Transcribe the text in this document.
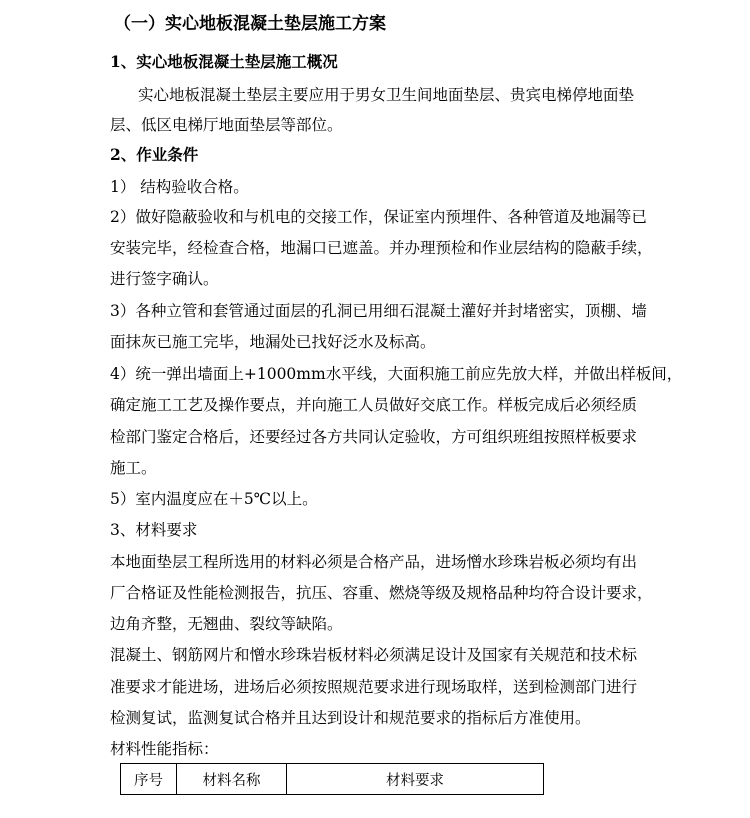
（一）实心地板混凝土垫层施工方案
1、实心地板混凝土垫层施工概况
实心地板混凝土垫层主要应用于男女卫生间地面垫层、贵宾电梯停地面垫
层、低区电梯厅地面垫层等部位。
2、作业条件
1） 结构验收合格。
2）做好隐蔽验收和与机电的交接工作，保证室内预埋件、各种管道及地漏等已
安装完毕，经检查合格，地漏口已遮盖。并办理预检和作业层结构的隐蔽手续，
进行签字确认。
3）各种立管和套管通过面层的孔洞已用细石混凝土灌好并封堵密实，顶棚、墙
面抹灰已施工完毕，地漏处已找好泛水及标高。
4）统一弹出墙面上+1000mm水平线，大面积施工前应先放大样，并做出样板间，
确定施工工艺及操作要点，并向施工人员做好交底工作。样板完成后必须经质
检部门鉴定合格后，还要经过各方共同认定验收，方可组织班组按照样板要求
施工。
5）室内温度应在＋5℃以上。
3、材料要求
本地面垫层工程所选用的材料必须是合格产品，进场憎水珍珠岩板必须均有出
厂合格证及性能检测报告，抗压、容重、燃烧等级及规格品种均符合设计要求，
边角齐整，无翘曲、裂纹等缺陷。
混凝土、钢筋网片和憎水珍珠岩板材料必须满足设计及国家有关规范和技术标
准要求才能进场，进场后必须按照规范要求进行现场取样，送到检测部门进行
检测复试，监测复试合格并且达到设计和规范要求的指标后方准使用。
材料性能指标：
序号	材料名称	材料要求
